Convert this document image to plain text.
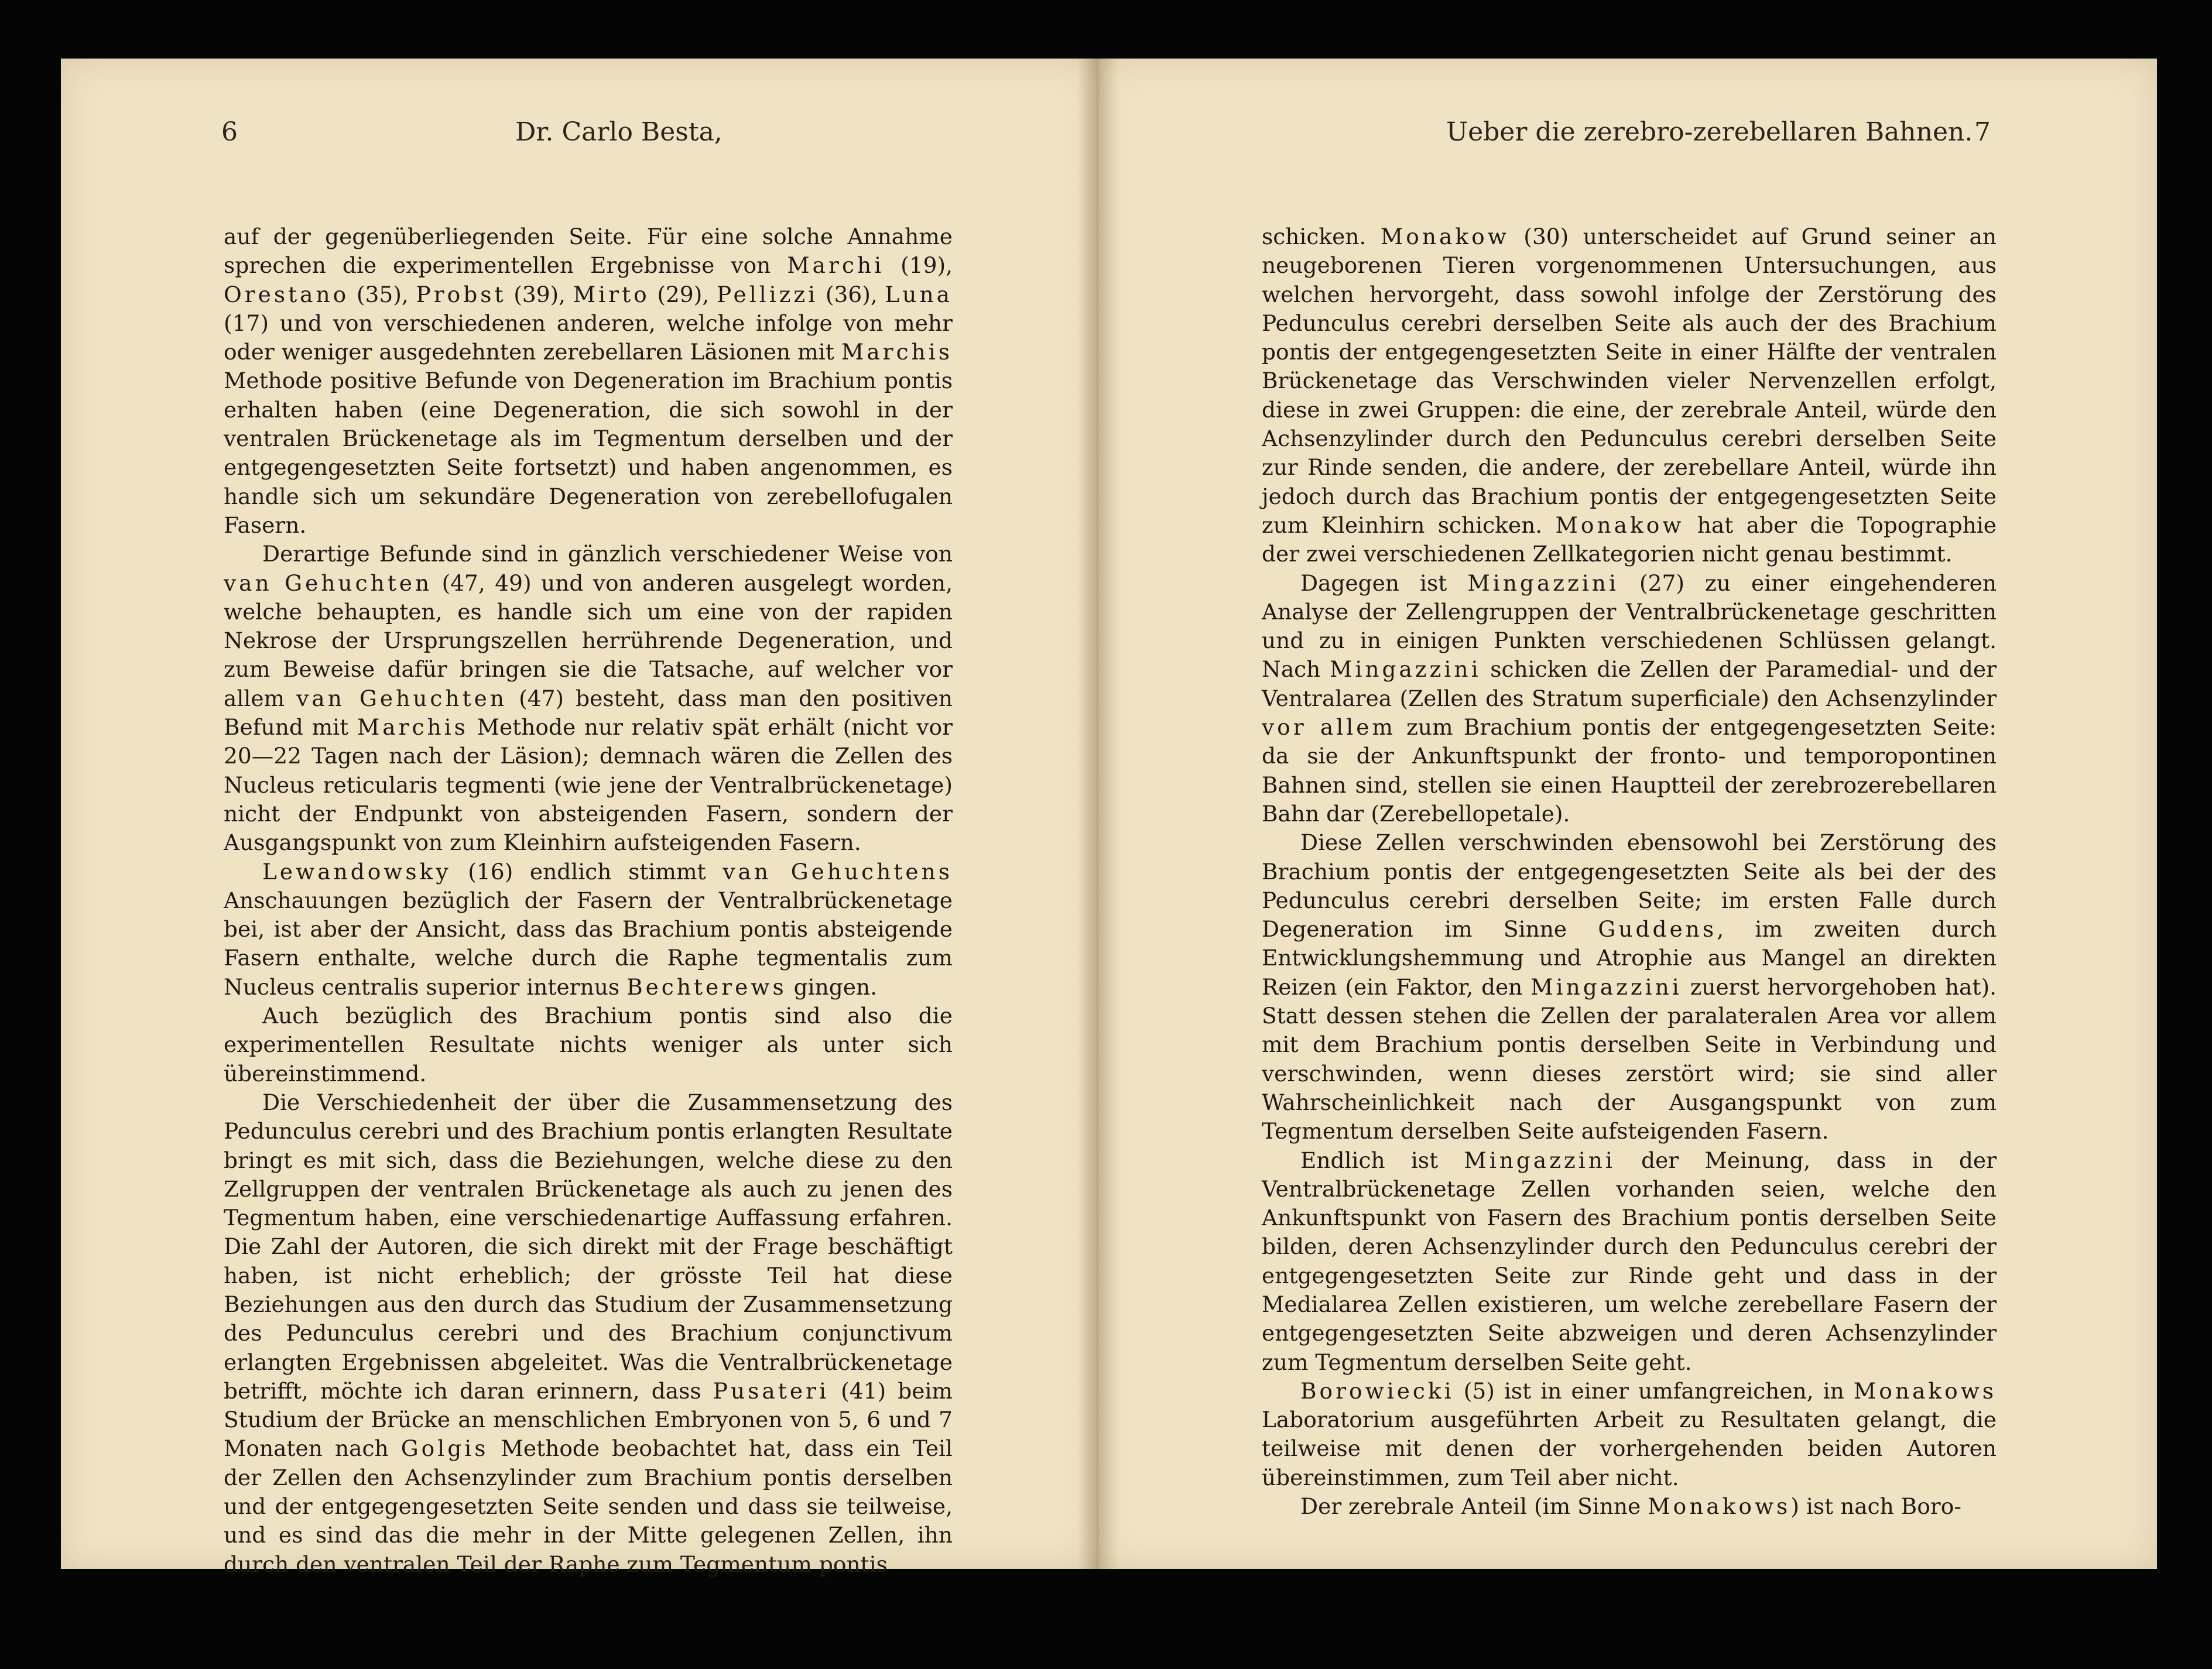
6	Dr. Carlo Besta,	Ueber die zerebro-zerebellaren Bahnen. 7

auf der gegenüberliegenden Seite. Für eine solche Annahme sprechen die experimentellen Ergebnisse von Marchi (19), Orestano (35), Probst (39), Mirto (29), Pellizzi (36), Luna (17) und von verschiedenen anderen, welche infolge von mehr oder weniger ausgedehnten zerebellaren Läsionen mit Marchis Methode positive Befunde von Degeneration im Brachium pontis erhalten haben (eine Degeneration, die sich sowohl in der ventralen Brückenetage als im Tegmentum derselben und der entgegengesetzten Seite fortsetzt) und haben angenommen, es handle sich um sekundäre Degeneration von zerebellofugalen Fasern.

Derartige Befunde sind in gänzlich verschiedener Weise von van Gehuchten (47, 49) und von anderen ausgelegt worden, welche behaupten, es handle sich um eine von der rapiden Nekrose der Ursprungszellen herrührende Degeneration, und zum Beweise dafür bringen sie die Tatsache, auf welcher vor allem van Gehuchten (47) besteht, dass man den positiven Befund mit Marchis Methode nur relativ spät erhält (nicht vor 20—22 Tagen nach der Läsion); demnach wären die Zellen des Nucleus reticularis tegmenti (wie jene der Ventralbrückenetage) nicht der Endpunkt von absteigenden Fasern, sondern der Ausgangspunkt von zum Kleinhirn aufsteigenden Fasern.

Lewandowsky (16) endlich stimmt van Gehuchtens Anschauungen bezüglich der Fasern der Ventralbrückenetage bei, ist aber der Ansicht, dass das Brachium pontis absteigende Fasern enthalte, welche durch die Raphe tegmentalis zum Nucleus centralis superior internus Bechterews gingen.

Auch bezüglich des Brachium pontis sind also die experimentellen Resultate nichts weniger als unter sich übereinstimmend.

Die Verschiedenheit der über die Zusammensetzung des Pedunculus cerebri und des Brachium pontis erlangten Resultate bringt es mit sich, dass die Beziehungen, welche diese zu den Zellgruppen der ventralen Brückenetage als auch zu jenen des Tegmentum haben, eine verschiedenartige Auffassung erfahren. Die Zahl der Autoren, die sich direkt mit der Frage beschäftigt haben, ist nicht erheblich; der grösste Teil hat diese Beziehungen aus den durch das Studium der Zusammensetzung des Pedunculus cerebri und des Brachium conjunctivum erlangten Ergebnissen abgeleitet. Was die Ventralbrückenetage betrifft, möchte ich daran erinnern, dass Pusateri (41) beim Studium der Brücke an menschlichen Embryonen von 5, 6 und 7 Monaten nach Golgis Methode beobachtet hat, dass ein Teil der Zellen den Achsenzylinder zum Brachium pontis derselben und der entgegengesetzten Seite senden und dass sie teilweise, und es sind das die mehr in der Mitte gelegenen Zellen, ihn durch den ventralen Teil der Raphe zum Tegmentum pontis

schicken. Monakow (30) unterscheidet auf Grund seiner an neugeborenen Tieren vorgenommenen Untersuchungen, aus welchen hervorgeht, dass sowohl infolge der Zerstörung des Pedunculus cerebri derselben Seite als auch der des Brachium pontis der entgegengesetzten Seite in einer Hälfte der ventralen Brückenetage das Verschwinden vieler Nervenzellen erfolgt, diese in zwei Gruppen: die eine, der zerebrale Anteil, würde den Achsenzylinder durch den Pedunculus cerebri derselben Seite zur Rinde senden, die andere, der zerebellare Anteil, würde ihn jedoch durch das Brachium pontis der entgegengesetzten Seite zum Kleinhirn schicken. Monakow hat aber die Topographie der zwei verschiedenen Zellkategorien nicht genau bestimmt.

Dagegen ist Mingazzini (27) zu einer eingehenderen Analyse der Zellengruppen der Ventralbrückenetage geschritten und zu in einigen Punkten verschiedenen Schlüssen gelangt. Nach Mingazzini schicken die Zellen der Paramedial- und der Ventralarea (Zellen des Stratum superficiale) den Achsenzylinder vor allem zum Brachium pontis der entgegengesetzten Seite: da sie der Ankunftspunkt der fronto- und temporopontinen Bahnen sind, stellen sie einen Hauptteil der zerebrozerebellaren Bahn dar (Zerebellopetale).

Diese Zellen verschwinden ebensowohl bei Zerstörung des Brachium pontis der entgegengesetzten Seite als bei der des Pedunculus cerebri derselben Seite; im ersten Falle durch Degeneration im Sinne Guddens, im zweiten durch Entwicklungshemmung und Atrophie aus Mangel an direkten Reizen (ein Faktor, den Mingazzini zuerst hervorgehoben hat). Statt dessen stehen die Zellen der paralateralen Area vor allem mit dem Brachium pontis derselben Seite in Verbindung und verschwinden, wenn dieses zerstört wird; sie sind aller Wahrscheinlichkeit nach der Ausgangspunkt von zum Tegmentum derselben Seite aufsteigenden Fasern.

Endlich ist Mingazzini der Meinung, dass in der Ventralbrückenetage Zellen vorhanden seien, welche den Ankunftspunkt von Fasern des Brachium pontis derselben Seite bilden, deren Achsenzylinder durch den Pedunculus cerebri der entgegengesetzten Seite zur Rinde geht und dass in der Medialarea Zellen existieren, um welche zerebellare Fasern der entgegengesetzten Seite abzweigen und deren Achsenzylinder zum Tegmentum derselben Seite geht.

Borowiecki (5) ist in einer umfangreichen, in Monakows Laboratorium ausgeführten Arbeit zu Resultaten gelangt, die teilweise mit denen der vorhergehenden beiden Autoren übereinstimmen, zum Teil aber nicht.

Der zerebrale Anteil (im Sinne Monakows) ist nach Boro-
